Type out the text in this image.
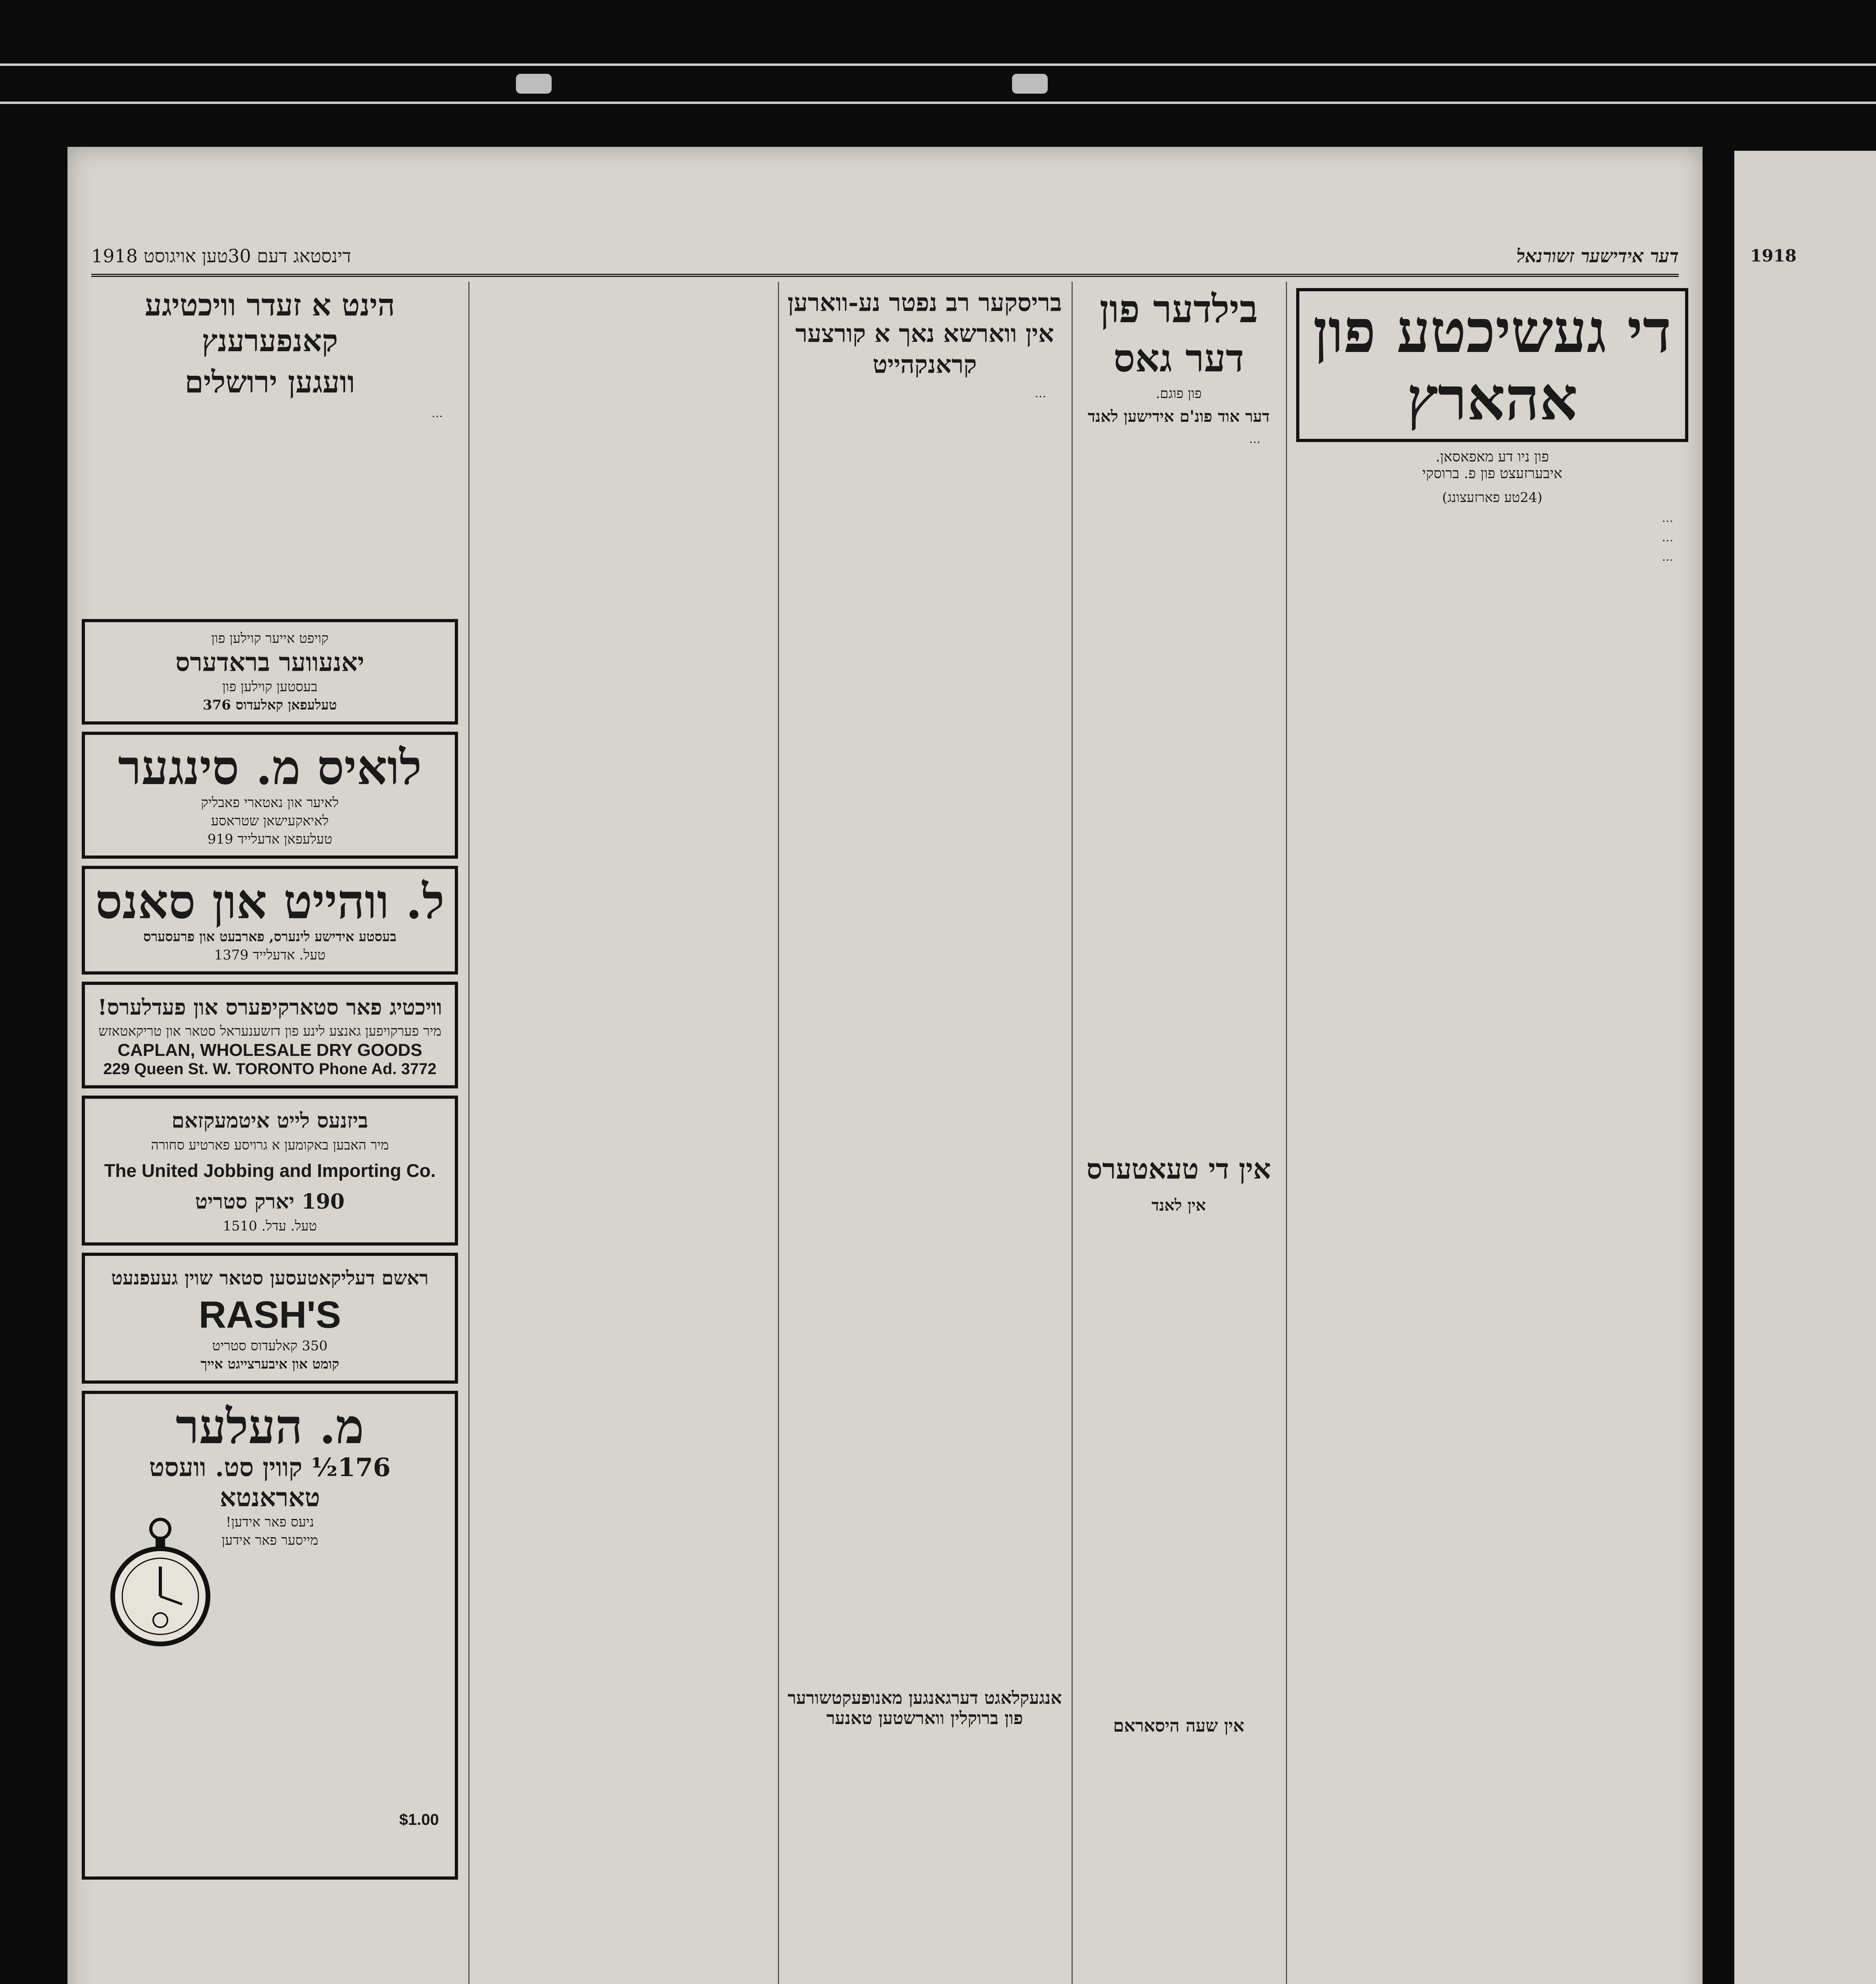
1918
דינסטאג דעם 30טען אויגוסט 1918	דער אידישער זשורנאל
די געשיכטע פון אהארץ
פון ניו דע מאפאסאן.
איבערזעצט פון פ. ברוסקי
(24טע פארזעצונג)

...

...

...

בילדער פון
דער גאס
פון פוגם.
דער אוד פונ'ם אידישען לאנד

...

אין די טעאטערס
אין לאנד
אין שעה היסאראם
בריסקער רב נפטר נע-ווארען אין ווארשא נאך א קורצער קראנקהייט

...

אנגעקלאגט דערגאנגען מאנופעקטשורער פון ברוקלין ווארשטען טאנער
הינט א זעדר וויכטיגע קאנפערענץ
וועגען ירושלים

...

קויפט אייער קוילען פון
יאנעווער בראדערס
בעסטען קוילען פון
טעלעפאן קאלעדוס 376
לואיס מ. סינגער
לאיער און נאטארי פאבליק
לאיאקעישאן שטראסע
טעלעפאן אדעלייד 919
ל. ווהייט און סאנס
בעסטע אידישע לינערס, פארבעט און פרעסערס
טעל. אדעלייד 1379
וויכטיג פאר סטארקיפערס און פעדלערס!
מיר פערקויפען גאנצע לינע פון דזשענעראל סטאר און טריקאטאזש
CAPLAN, WHOLESALE DRY GOODS
229 Queen St. W. TORONTO Phone Ad. 3772
ביזנעס לייט איטמעקזאם
מיר האבען באקומען א גרויסע פארטיע סחורה
The United Jobbing and Importing Co.
190 יארק סטריט
טעל. עדל. 1510
ראשם דעליקאטעסען סטאר שוין געעפנעט
RASH'S
350 קאלעדוס סטריט
קומט און איבערצייגט אייך
מ. העלער
176½ קווין סט. וועסט
טאראנטא
ניעס פאר אידען!
מייסער פאר אידען
$1.00
